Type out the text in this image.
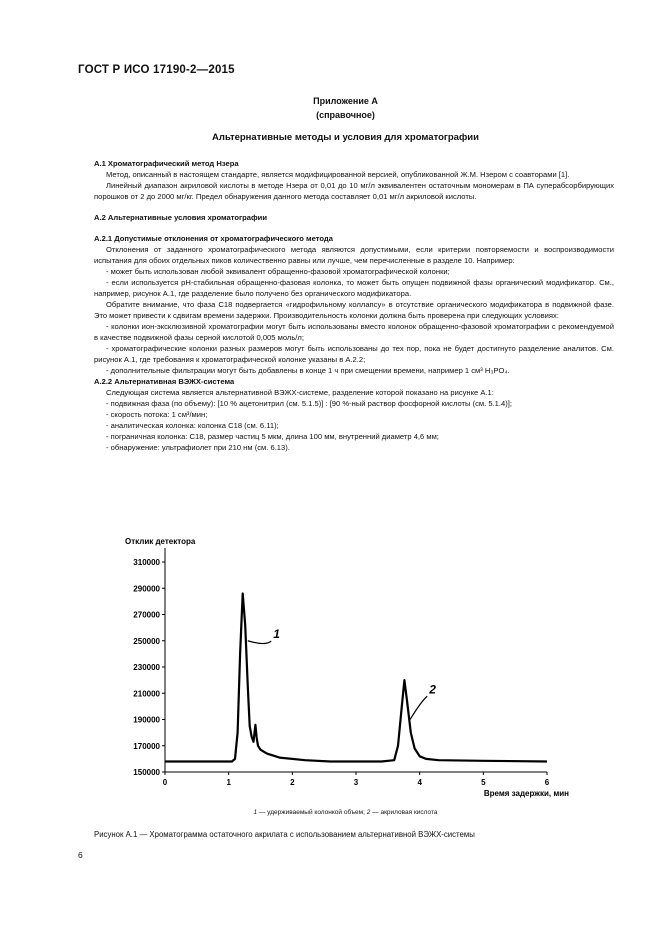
ГОСТ Р ИСО 17190-2—2015
Приложение А
(справочное)
Альтернативные методы и условия для хроматографии

А.1 Хроматографический метод Нзера

Метод, описанный в настоящем стандарте, является модифицированной версией, опубликованной Ж.М. Нзером с соавторами [1].

Линейный диапазон акриловой кислоты в методе Нзера от 0,01 до 10 мг/л эквивалентен остаточным мономерам в ПА суперабсорбирующих порошков от 2 до 2000 мг/кг. Предел обнаружения данного метода составляет 0,01 мг/л акриловой кислоты.

А.2 Альтернативные условия хроматографии

А.2.1 Допустимые отклонения от хроматографического метода

Отклонения от заданного хроматографического метода являются допустимыми, если критерии повторяемости и воспроизводимости испытания для обоих отдельных пиков количественно равны или лучше, чем перечисленные в разделе 10. Например:

- может быть использован любой эквивалент обращенно-фазовой хроматографической колонки;

- если используется pH-стабильная обращенно-фазовая колонка, то может быть опущен подвижной фазы органический модификатор. См., например, рисунок А.1, где разделение было получено без органического модификатора.

Обратите внимание, что фаза C18 подвергается «гидрофильному коллапсу» в отсутствие органического модификатора в подвижной фазе. Это может привести к сдвигам времени задержки. Производительность колонки должна быть проверена при следующих условиях:

- колонки ион-эксклюзивной хроматографии могут быть использованы вместо колонок обращенно-фазовой хроматографии с рекомендуемой в качестве подвижной фазы серной кислотой 0,005 моль/л;

- хроматографические колонки разных размеров могут быть использованы до тех пор, пока не будет достигнуто разделение аналитов. См. рисунок А.1, где требования к хроматографической колонке указаны в А.2.2;

- дополнительные фильтрации могут быть добавлены в конце 1 ч при смещении времени, например 1 см³ H₃PO₄.

А.2.2 Альтернативная ВЭЖХ-система

Следующая система является альтернативной ВЭЖХ-системе, разделение которой показано на рисунке А.1:

- подвижная фаза (по объему): [10 % ацетонитрил (см. 5.1.5)] : [90 %-ный раствор фосфорной кислоты (см. 5.1.4)];

- скорость потока: 1 см³/мин;

- аналитическая колонка: колонка C18 (см. 6.11);

- пограничная колонка: C18, размер частиц 5 мкм, длина 100 мм, внутренний диаметр 4,6 мм;

- обнаружение: ультрафиолет при 210 нм (см. 6.13).

310000
290000
270000
250000
230000
210000
190000
170000
150000
0	1	2	3	4	5	6
Отклик детектора
Время задержки, мин
1
2
1 — удерживаемый колонкой объем; 2 — акриловая кислота
Рисунок А.1 — Хроматограмма остаточного акрилата с использованием альтернативной ВЭЖХ-системы
6
